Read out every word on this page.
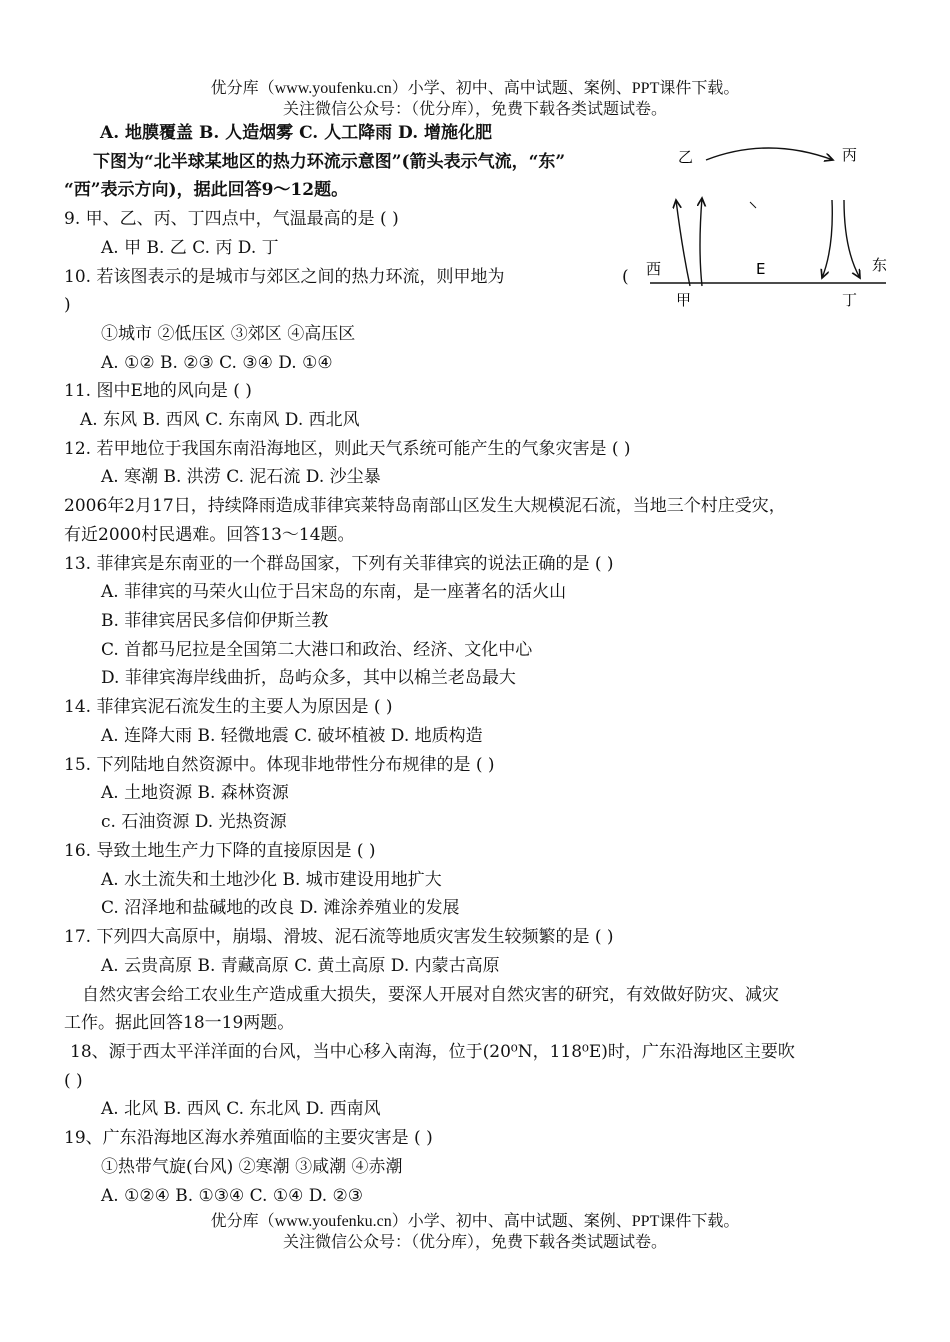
优分库（www.youfenku.cn）小学、初中、高中试题、案例、PPT课件下载。
关注微信公众号：（优分库），免费下载各类试题试卷。
A. 地膜覆盖 B. 人造烟雾 C. 人工降雨 D. 增施化肥
下图为“北半球某地区的热力环流示意图”(箭头表示气流，“东”
“西”表示方向)，据此回答9～12题。
9. 甲、乙、丙、丁四点中，气温最高的是 ( )
A. 甲 B. 乙 C. 丙 D. 丁
10. 若该图表示的是城市与郊区之间的热力环流，则甲地为	(
)
①城市 ②低压区 ③郊区 ④高压区
A. ①② B. ②③ C. ③④ D. ①④
11. 图中E地的风向是 ( )
A. 东风 B. 西风 C. 东南风 D. 西北风
12. 若甲地位于我国东南沿海地区，则此天气系统可能产生的气象灾害是 ( )
A. 寒潮 B. 洪涝 C. 泥石流 D. 沙尘暴
2006年2月17日，持续降雨造成菲律宾莱特岛南部山区发生大规模泥石流，当地三个村庄受灾，
有近2000村民遇难。回答13～14题。
13. 菲律宾是东南亚的一个群岛国家，下列有关菲律宾的说法正确的是 ( )
A. 菲律宾的马荣火山位于吕宋岛的东南，是一座著名的活火山
B. 菲律宾居民多信仰伊斯兰教
C. 首都马尼拉是全国第二大港口和政治、经济、文化中心
D. 菲律宾海岸线曲折，岛屿众多，其中以棉兰老岛最大
14. 菲律宾泥石流发生的主要人为原因是 ( )
A. 连降大雨 B. 轻微地震 C. 破坏植被 D. 地质构造
15. 下列陆地自然资源中。体现非地带性分布规律的是 ( )
A. 土地资源 B. 森林资源
c. 石油资源 D. 光热资源
16. 导致土地生产力下降的直接原因是 ( )
A. 水土流失和土地沙化 B. 城市建设用地扩大
C. 沼泽地和盐碱地的改良 D. 滩涂养殖业的发展
17. 下列四大高原中，崩塌、滑坡、泥石流等地质灾害发生较频繁的是 ( )
A. 云贵高原 B. 青藏高原 C. 黄土高原 D. 内蒙古高原
自然灾害会给工农业生产造成重大损失，要深人开展对自然灾害的研究，有效做好防灾、减灾
工作。据此回答18一19两题。
18、源于西太平洋洋面的台风，当中心移入南海，位于(20⁰N，118⁰E)时，广东沿海地区主要吹
( )
A. 北风 B. 西风 C. 东北风 D. 西南风
19、广东沿海地区海水养殖面临的主要灾害是 ( )
①热带气旋(台风) ②寒潮 ③咸潮 ④赤潮
A. ①②④ B. ①③④ C. ①④ D. ②③
优分库（www.youfenku.cn）小学、初中、高中试题、案例、PPT课件下载。
关注微信公众号：（优分库），免费下载各类试题试卷。
乙	丙
西	E	东
甲	丁
